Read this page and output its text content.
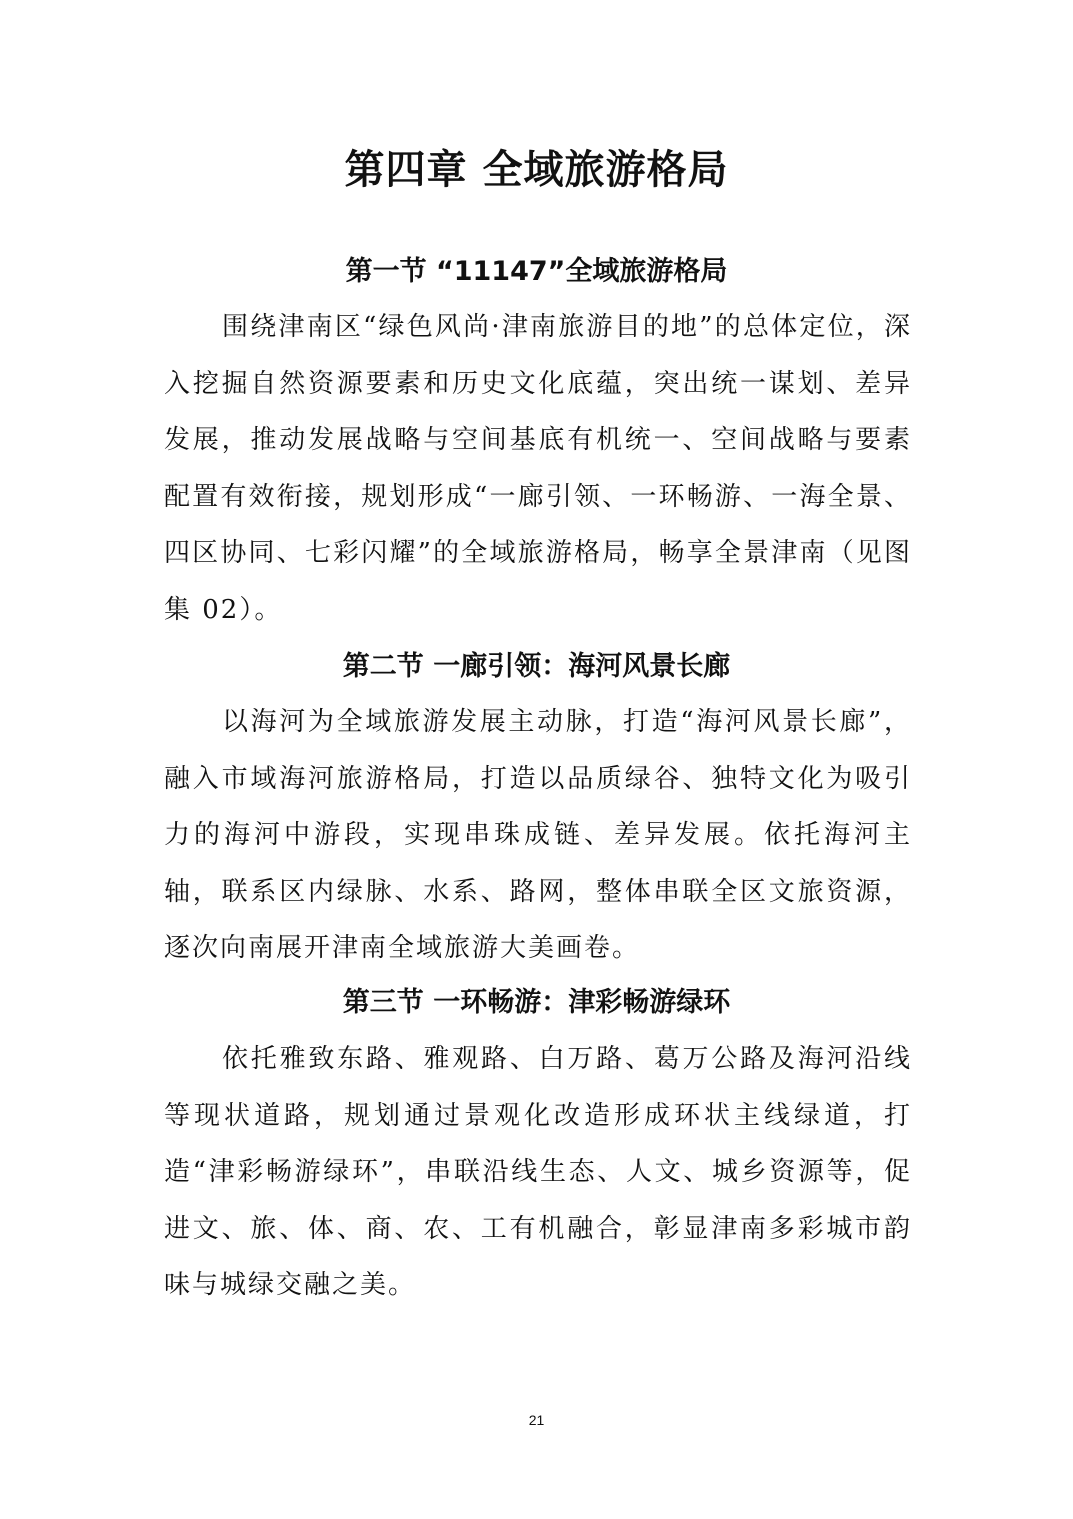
第四章 全域旅游格局
第一节 “11147”全域旅游格局

围绕津南区“绿色风尚·津南旅游目的地”的总体定位，深入挖掘自然资源要素和历史文化底蕴，突出统一谋划、差异发展，推动发展战略与空间基底有机统一、空间战略与要素配置有效衔接，规划形成“一廊引领、一环畅游、一海全景、四区协同、七彩闪耀”的全域旅游格局，畅享全景津南（见图集 02）。

第二节 一廊引领：海河风景长廊

以海河为全域旅游发展主动脉，打造“海河风景长廊”，融入市域海河旅游格局，打造以品质绿谷、独特文化为吸引力的海河中游段，实现串珠成链、差异发展。依托海河主轴，联系区内绿脉、水系、路网，整体串联全区文旅资源，逐次向南展开津南全域旅游大美画卷。

第三节 一环畅游：津彩畅游绿环

依托雅致东路、雅观路、白万路、葛万公路及海河沿线等现状道路，规划通过景观化改造形成环状主线绿道，打造“津彩畅游绿环”，串联沿线生态、人文、城乡资源等，促进文、旅、体、商、农、工有机融合，彰显津南多彩城市韵味与城绿交融之美。

21
